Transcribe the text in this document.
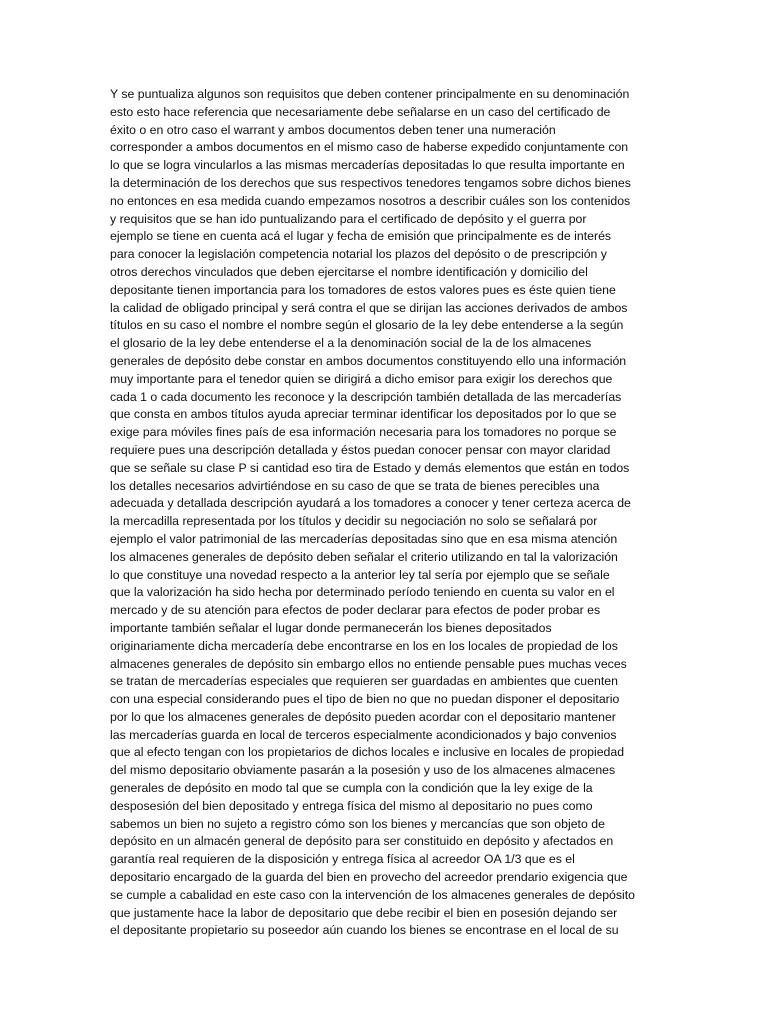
Y se puntualiza algunos son requisitos que deben contener principalmente en su denominación
esto esto hace referencia que necesariamente debe señalarse en un caso del certificado de
éxito o en otro caso el warrant y ambos documentos deben tener una numeración
corresponder a ambos documentos en el mismo caso de haberse expedido conjuntamente con
lo que se logra vincularlos a las mismas mercaderías depositadas lo que resulta importante en
la determinación de los derechos que sus respectivos tenedores tengamos sobre dichos bienes
no entonces en esa medida cuando empezamos nosotros a describir cuáles son los contenidos
y requisitos que se han ido puntualizando para el certificado de depósito y el guerra por
ejemplo se tiene en cuenta acá el lugar y fecha de emisión que principalmente es de interés
para conocer la legislación competencia notarial los plazos del depósito o de prescripción y
otros derechos vinculados que deben ejercitarse el nombre identificación y domicilio del
depositante tienen importancia para los tomadores de estos valores pues es éste quien tiene
la calidad de obligado principal y será contra el que se dirijan las acciones derivados de ambos
títulos en su caso el nombre el nombre según el glosario de la ley debe entenderse a la según
el glosario de la ley debe entenderse el a la denominación social de la de los almacenes
generales de depósito debe constar en ambos documentos constituyendo ello una información
muy importante para el tenedor quien se dirigirá a dicho emisor para exigir los derechos que
cada 1 o cada documento les reconoce y la descripción también detallada de las mercaderías
que consta en ambos títulos ayuda apreciar terminar identificar los depositados por lo que se
exige para móviles fines país de esa información necesaria para los tomadores no porque se
requiere pues una descripción detallada y éstos puedan conocer pensar con mayor claridad
que se señale su clase P si cantidad eso tira de Estado y demás elementos que están en todos
los detalles necesarios advirtiéndose en su caso de que se trata de bienes perecibles una
adecuada y detallada descripción ayudará a los tomadores a conocer y tener certeza acerca de
la mercadilla representada por los títulos y decidir su negociación no solo se señalará por
ejemplo el valor patrimonial de las mercaderías depositadas sino que en esa misma atención
los almacenes generales de depósito deben señalar el criterio utilizando en tal la valorización
lo que constituye una novedad respecto a la anterior ley tal sería por ejemplo que se señale
que la valorización ha sido hecha por determinado período teniendo en cuenta su valor en el
mercado y de su atención para efectos de poder declarar para efectos de poder probar es
importante también señalar el lugar donde permanecerán los bienes depositados
originariamente dicha mercadería debe encontrarse en los en los locales de propiedad de los
almacenes generales de depósito sin embargo ellos no entiende pensable pues muchas veces
se tratan de mercaderías especiales que requieren ser guardadas en ambientes que cuenten
con una especial considerando pues el tipo de bien no que no puedan disponer el depositario
por lo que los almacenes generales de depósito pueden acordar con el depositario mantener
las mercaderías guarda en local de terceros especialmente acondicionados y bajo convenios
que al efecto tengan con los propietarios de dichos locales e inclusive en locales de propiedad
del mismo depositario obviamente pasarán a la posesión y uso de los almacenes almacenes
generales de depósito en modo tal que se cumpla con la condición que la ley exige de la
desposesión del bien depositado y entrega física del mismo al depositario no pues como
sabemos un bien no sujeto a registro cómo son los bienes y mercancías que son objeto de
depósito en un almacén general de depósito para ser constituido en depósito y afectados en
garantía real requieren de la disposición y entrega física al acreedor OA 1/3 que es el
depositario encargado de la guarda del bien en provecho del acreedor prendario exigencia que
se cumple a cabalidad en este caso con la intervención de los almacenes generales de depósito
que justamente hace la labor de depositario que debe recibir el bien en posesión dejando ser
el depositante propietario su poseedor aún cuando los bienes se encontrase en el local de su
